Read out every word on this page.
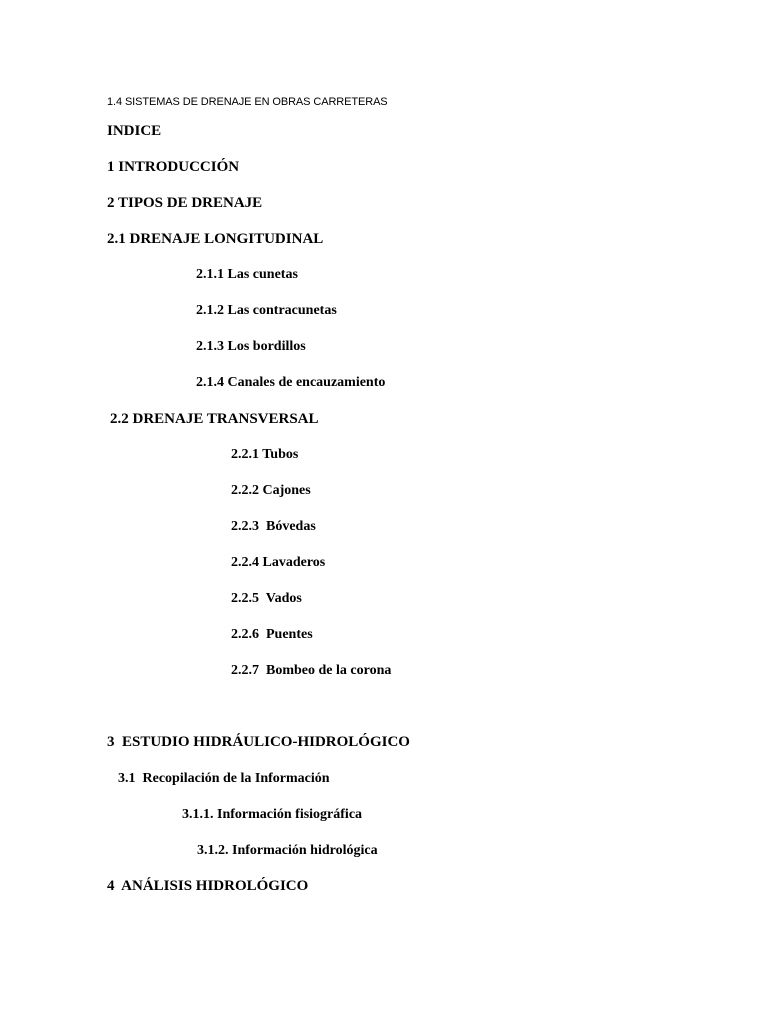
1.4 SISTEMAS DE DRENAJE EN OBRAS CARRETERAS
INDICE
1 INTRODUCCIÓN
2 TIPOS DE DRENAJE
2.1 DRENAJE LONGITUDINAL
2.1.1 Las cunetas
2.1.2 Las contracunetas
2.1.3 Los bordillos
2.1.4 Canales de encauzamiento
2.2 DRENAJE TRANSVERSAL
2.2.1 Tubos
2.2.2 Cajones
2.2.3  Bóvedas
2.2.4 Lavaderos
2.2.5  Vados
2.2.6  Puentes
2.2.7  Bombeo de la corona
3  ESTUDIO HIDRÁULICO-HIDROLÓGICO
3.1  Recopilación de la Información
3.1.1. Información fisiográfica
3.1.2. Información hidrológica
4  ANÁLISIS HIDROLÓGICO
